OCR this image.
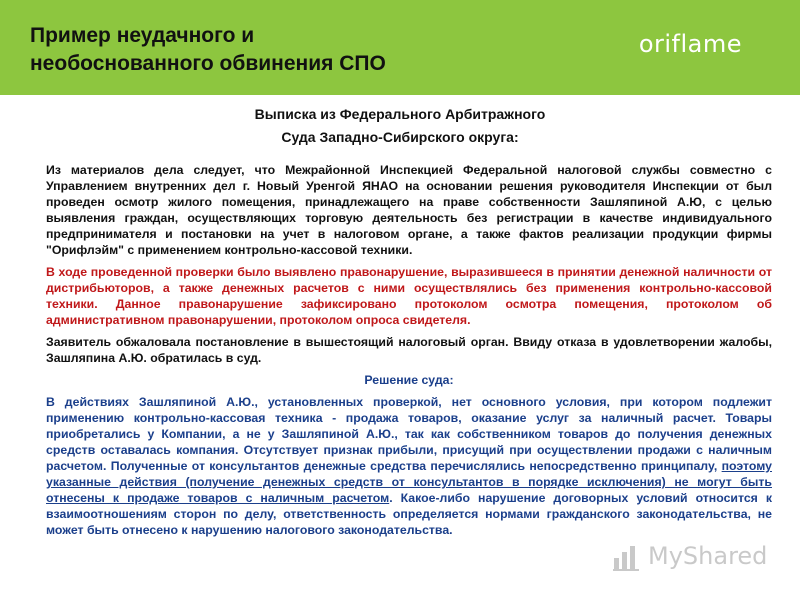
Пример неудачного и
необоснованного обвинения СПО
oriflame
Выписка из Федерального Арбитражного
Суда Западно-Сибирского округа:

Из материалов дела следует, что Межрайонной Инспекцией Федеральной налоговой службы совместно с Управлением внутренних дел г. Новый Уренгой ЯНАО на основании решения руководителя Инспекции от был проведен осмотр жилого помещения, принадлежащего на праве собственности Зашляпиной А.Ю, с целью выявления граждан, осуществляющих торговую деятельность без регистрации в качестве индивидуального предпринимателя и постановки на учет в налоговом органе, а также фактов реализации продукции фирмы "Орифлэйм" с применением контрольно-кассовой техники.

В ходе проведенной проверки было выявлено правонарушение, выразившееся в принятии денежной наличности от дистрибьюторов, а также денежных расчетов с ними осуществлялись без применения контрольно-кассовой техники. Данное правонарушение зафиксировано протоколом осмотра помещения, протоколом об административном правонарушении, протоколом опроса свидетеля.

Заявитель обжаловала постановление в вышестоящий налоговый орган. Ввиду отказа в удовлетворении жалобы, Зашляпина А.Ю. обратилась в суд.

Решение суда:

В действиях Зашляпиной А.Ю., установленных проверкой, нет основного условия, при котором подлежит применению контрольно-кассовая техника - продажа товаров, оказание услуг за наличный расчет. Товары приобретались у Компании, а не у Зашляпиной А.Ю., так как собственником товаров до получения денежных средств оставалась компания. Отсутствует признак прибыли, присущий при осуществлении продажи с наличным расчетом. Полученные от консультантов денежные средства перечислялись непосредственно принципалу, поэтому указанные действия (получение денежных средств от консультантов в порядке исключения) не могут быть отнесены к продаже товаров с наличным расчетом. Какое-либо нарушение договорных условий относится к взаимоотношениям сторон по делу, ответственность определяется нормами гражданского законодательства, не может быть отнесено к нарушению налогового законодательства.

MyShared
